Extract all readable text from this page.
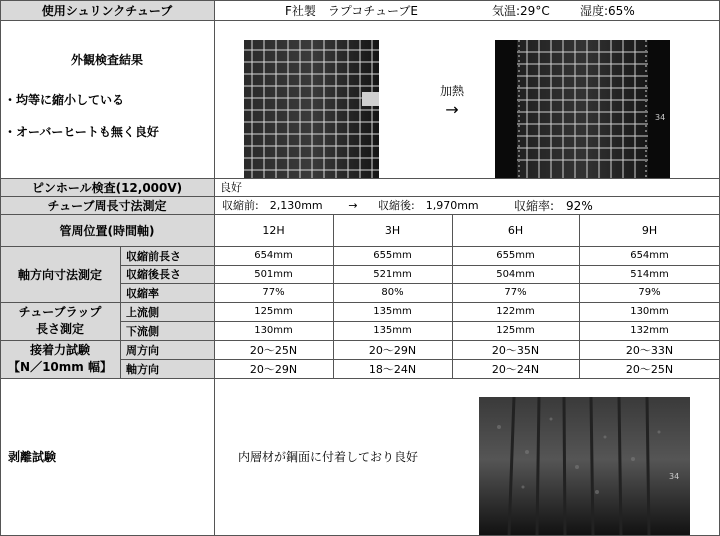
使用シュリンクチューブ	F社製　ラプコチューブE	気温:29°C	湿度:65%
外観検査結果
・均等に縮小している
・オーバーヒートも無く良好
加熱
→	34
ピンホール検査(12,000V)	良好
チューブ周長寸法測定	収縮前:　2,130mm	→	収縮後:　1,970mm	収縮率:　92%
管周位置(時間軸)	12H	3H	6H	9H
軸方向寸法測定
収縮前長さ	654mm	655mm	655mm	654mm
収縮後長さ	501mm	521mm	504mm	514mm
収縮率	77%	80%	77%	79%
チューブラップ
長さ測定
上流側	125mm	135mm	122mm	130mm
下流側	130mm	135mm	125mm	132mm
接着力試験
【N／10mm 幅】
周方向	20〜25N	20〜29N	20〜35N	20〜33N
軸方向	20〜29N	18〜24N	20〜24N	20〜25N
剥離試験	内層材が鋼面に付着しており良好
34
